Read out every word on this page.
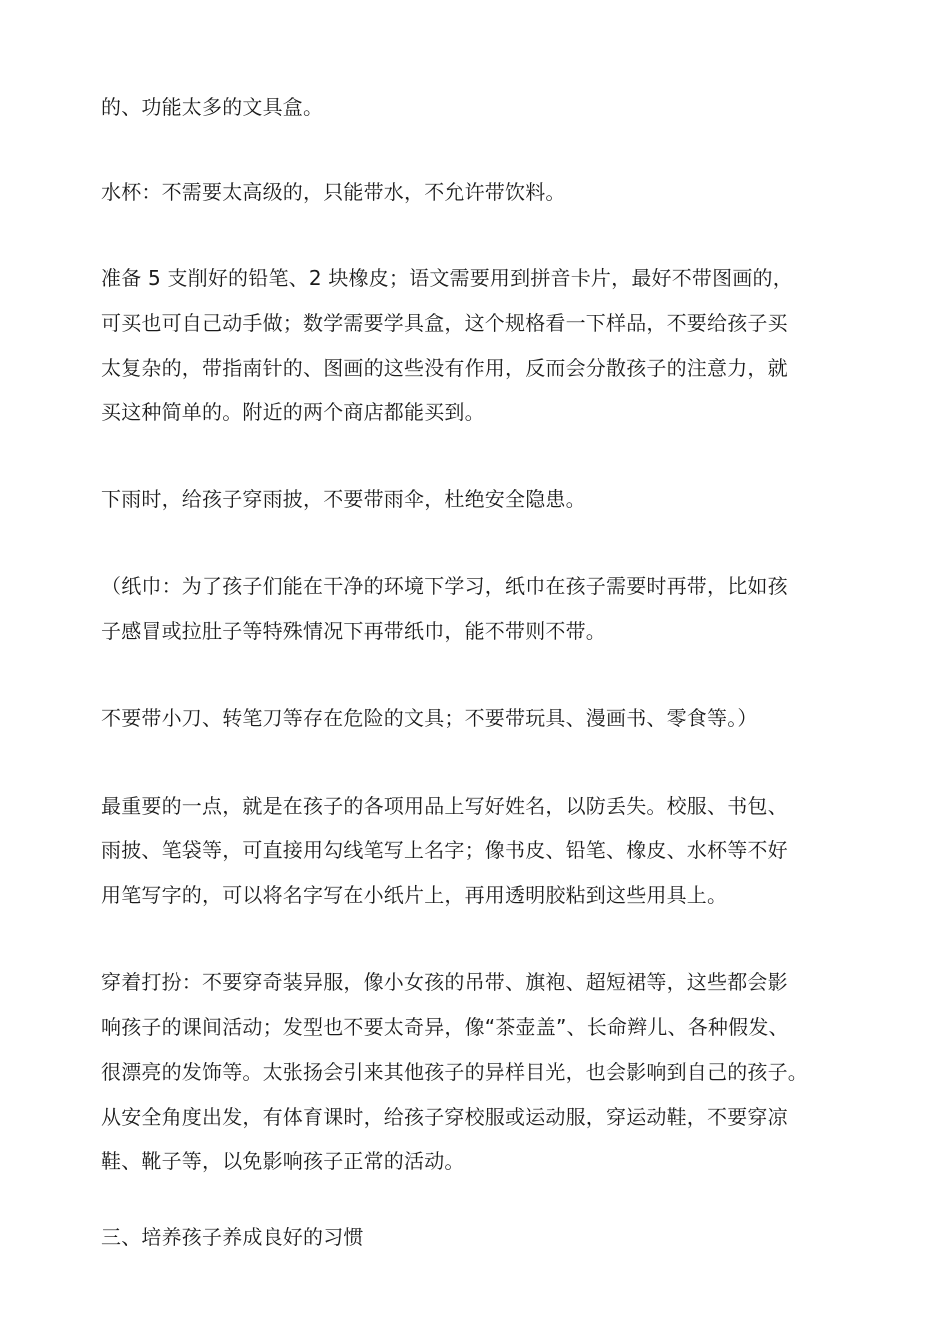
的、功能太多的文具盒。

水杯：不需要太高级的，只能带水，不允许带饮料。

准备 5 支削好的铅笔、2 块橡皮；语文需要用到拼音卡片，最好不带图画的，

可买也可自己动手做；数学需要学具盒，这个规格看一下样品，不要给孩子买

太复杂的，带指南针的、图画的这些没有作用，反而会分散孩子的注意力，就

买这种简单的。附近的两个商店都能买到。

下雨时，给孩子穿雨披，不要带雨伞，杜绝安全隐患。

（纸巾：为了孩子们能在干净的环境下学习，纸巾在孩子需要时再带，比如孩

子感冒或拉肚子等特殊情况下再带纸巾，能不带则不带。

不要带小刀、转笔刀等存在危险的文具；不要带玩具、漫画书、零食等。）

最重要的一点，就是在孩子的各项用品上写好姓名，以防丢失。校服、书包、

雨披、笔袋等，可直接用勾线笔写上名字；像书皮、铅笔、橡皮、水杯等不好

用笔写字的，可以将名字写在小纸片上，再用透明胶粘到这些用具上。

穿着打扮：不要穿奇装异服，像小女孩的吊带、旗袍、超短裙等，这些都会影

响孩子的课间活动；发型也不要太奇异，像“茶壶盖”、长命辫儿、各种假发、

很漂亮的发饰等。太张扬会引来其他孩子的异样目光，也会影响到自己的孩子。

从安全角度出发，有体育课时，给孩子穿校服或运动服，穿运动鞋，不要穿凉

鞋、靴子等，以免影响孩子正常的活动。

三、培养孩子养成良好的习惯
